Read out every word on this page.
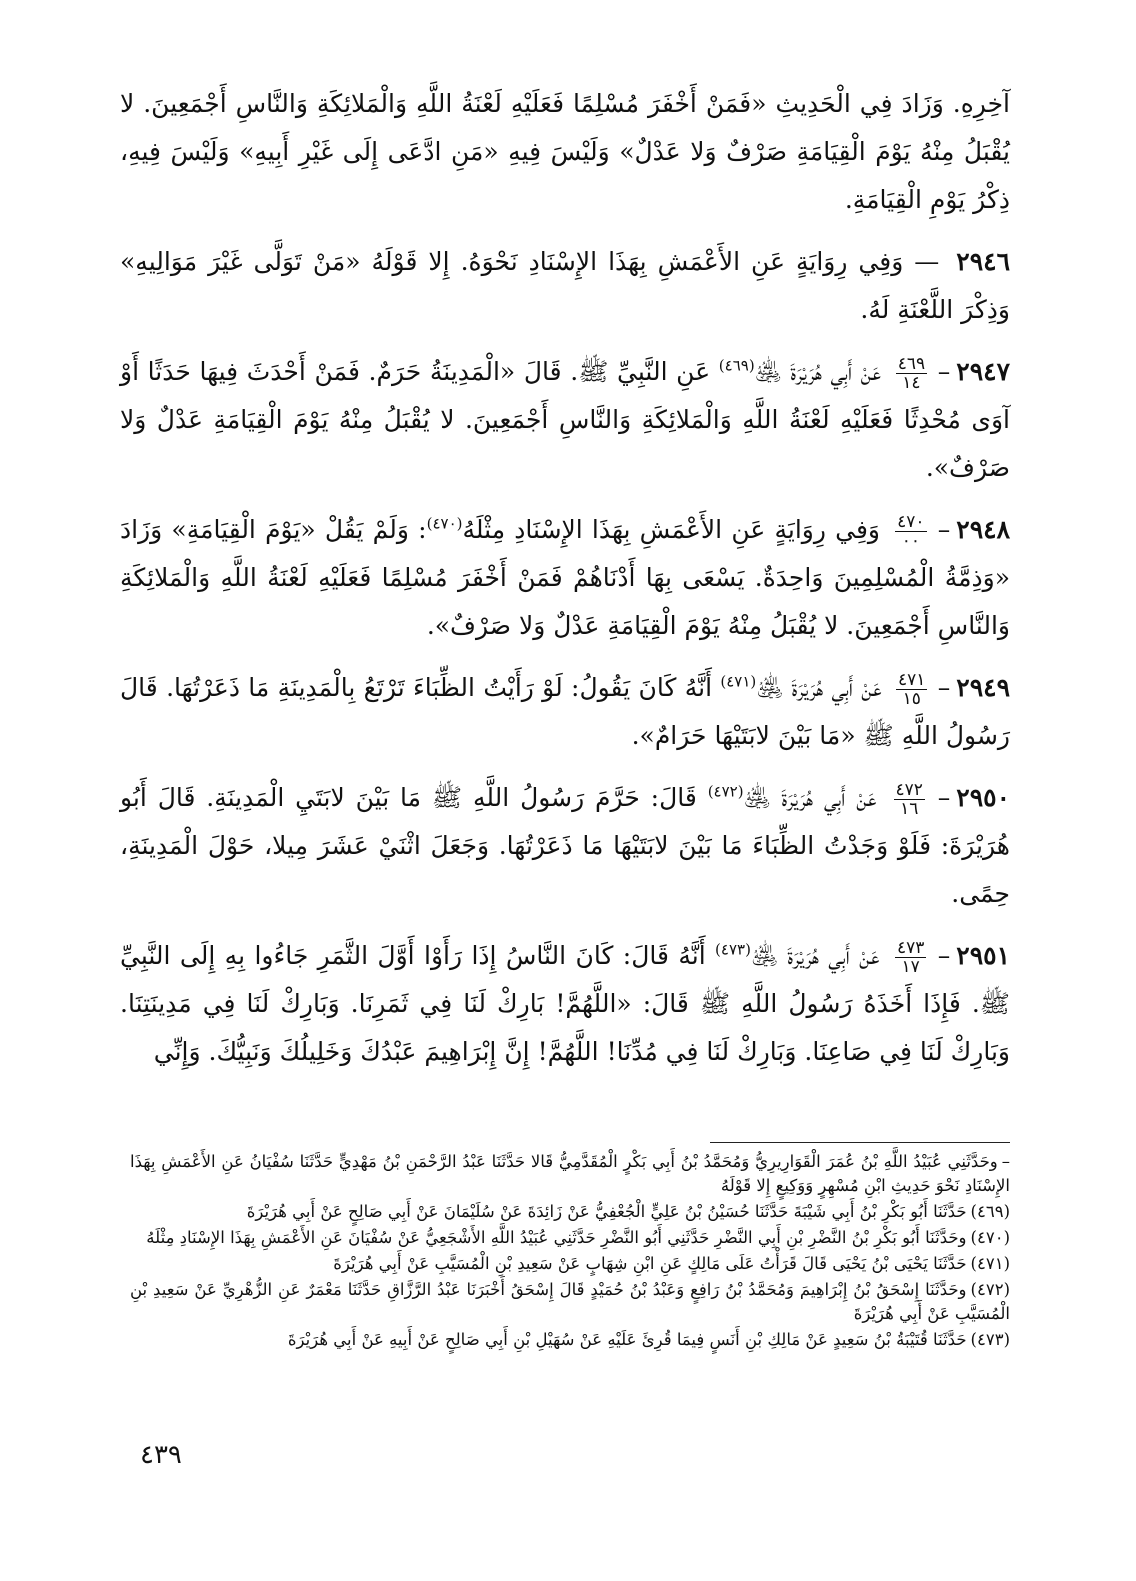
آخِرِهِ. وَزَادَ فِي الْحَدِيثِ «فَمَنْ أَخْفَرَ مُسْلِمًا فَعَلَيْهِ لَعْنَةُ اللَّهِ وَالْمَلائِكَةِ وَالنَّاسِ أَجْمَعِينَ. لا يُقْبَلُ مِنْهُ يَوْمَ الْقِيَامَةِ صَرْفٌ وَلا عَدْلٌ» وَلَيْسَ فِيهِ «مَنِ ادَّعَى إِلَى غَيْرِ أَبِيهِ» وَلَيْسَ فِيهِ، ذِكْرُ يَوْمِ الْقِيَامَةِ.

٢٩٤٦ — وَفِي رِوَايَةٍ عَنِ الأَعْمَشِ بِهَذَا الإِسْنَادِ نَحْوَهُ. إِلا قَوْلَهُ «مَنْ تَوَلَّى غَيْرَ مَوَالِيهِ» وَذِكْرَ اللَّعْنَةِ لَهُ.

٢٩٤٧–
$\frac{٤٦٩}{١٤}$
عَنْ أَبِي هُرَيْرَةَ ﵁$^{(٤٦٩)}$ عَنِ النَّبِيِّ ﷺ. قَالَ «الْمَدِينَةُ حَرَمٌ. فَمَنْ أَحْدَثَ فِيهَا حَدَثًا أَوْ آوَى مُحْدِثًا فَعَلَيْهِ لَعْنَةُ اللَّهِ وَالْمَلائِكَةِ وَالنَّاسِ أَجْمَعِينَ. لا يُقْبَلُ مِنْهُ يَوْمَ الْقِيَامَةِ عَدْلٌ وَلا صَرْفٌ».

٢٩٤٨–
$\frac{٤٧٠}{٠٠}$
وَفِي رِوَايَةٍ عَنِ الأَعْمَشِ بِهَذَا الإِسْنَادِ مِثْلَهُ$^{(٤٧٠)}$: وَلَمْ يَقُلْ «يَوْمَ الْقِيَامَةِ» وَزَادَ «وَذِمَّةُ الْمُسْلِمِينَ وَاحِدَةٌ. يَسْعَى بِهَا أَدْنَاهُمْ فَمَنْ أَخْفَرَ مُسْلِمًا فَعَلَيْهِ لَعْنَةُ اللَّهِ وَالْمَلائِكَةِ وَالنَّاسِ أَجْمَعِينَ. لا يُقْبَلُ مِنْهُ يَوْمَ الْقِيَامَةِ عَدْلٌ وَلا صَرْفٌ».

٢٩٤٩–
$\frac{٤٧١}{١٥}$
عَنْ أَبِي هُرَيْرَةَ ﵁$^{(٤٧١)}$ أَنَّهُ كَانَ يَقُولُ: لَوْ رَأَيْتُ الظِّبَاءَ تَرْتَعُ بِالْمَدِينَةِ مَا ذَعَرْتُهَا. قَالَ رَسُولُ اللَّهِ ﷺ «مَا بَيْنَ لابَتَيْهَا حَرَامٌ».

٢٩٥٠–
$\frac{٤٧٢}{١٦}$
عَنْ أَبِي هُرَيْرَةَ ﵁$^{(٤٧٢)}$ قَالَ: حَرَّمَ رَسُولُ اللَّهِ ﷺ مَا بَيْنَ لابَتَيِ الْمَدِينَةِ. قَالَ أَبُو هُرَيْرَةَ: فَلَوْ وَجَدْتُ الظِّبَاءَ مَا بَيْنَ لابَتَيْهَا مَا ذَعَرْتُهَا. وَجَعَلَ اثْنَيْ عَشَرَ مِيلا، حَوْلَ الْمَدِينَةِ، حِمًى.

٢٩٥١–
$\frac{٤٧٣}{١٧}$
عَنْ أَبِي هُرَيْرَةَ ﵁$^{(٤٧٣)}$ أَنَّهُ قَالَ: كَانَ النَّاسُ إِذَا رَأَوْا أَوَّلَ الثَّمَرِ جَاءُوا بِهِ إِلَى النَّبِيِّ ﷺ. فَإِذَا أَخَذَهُ رَسُولُ اللَّهِ ﷺ قَالَ: «اللَّهُمَّ! بَارِكْ لَنَا فِي ثَمَرِنَا. وَبَارِكْ لَنَا فِي مَدِينَتِنَا. وَبَارِكْ لَنَا فِي صَاعِنَا. وَبَارِكْ لَنَا فِي مُدِّنَا! اللَّهُمَّ! إِنَّ إِبْرَاهِيمَ عَبْدُكَ وَخَلِيلُكَ وَنَبِيُّكَ. وَإِنِّي

–وحَدَّثَنِي عُبَيْدُ اللَّهِ بْنُ عُمَرَ الْقَوَارِيرِيُّ وَمُحَمَّدُ بْنُ أَبِي بَكْرٍ الْمُقَدَّمِيُّ قَالا حَدَّثَنَا عَبْدُ الرَّحْمَنِ بْنُ مَهْدِيٍّ حَدَّثَنَا سُفْيَانُ عَنِ الأَعْمَشِ بِهَذَا الإِسْنَادِ نَحْوَ حَدِيثِ ابْنِ مُسْهِرٍ وَوَكِيعٍ إِلا قَوْلَهُ

(٤٦٩)حَدَّثَنَا أَبُو بَكْرِ بْنُ أَبِي شَيْبَةَ حَدَّثَنَا حُسَيْنُ بْنُ عَلِيٍّ الْجُعْفِيُّ عَنْ زَائِدَةَ عَنْ سُلَيْمَانَ عَنْ أَبِي صَالِحٍ عَنْ أَبِي هُرَيْرَةَ

(٤٧٠)وحَدَّثَنَا أَبُو بَكْرِ بْنُ النَّضْرِ بْنِ أَبِي النَّضْرِ حَدَّثَنِي أَبُو النَّضْرِ حَدَّثَنِي عُبَيْدُ اللَّهِ الأَشْجَعِيُّ عَنْ سُفْيَانَ عَنِ الأَعْمَشِ بِهَذَا الإِسْنَادِ مِثْلَهُ

(٤٧١)حَدَّثَنَا يَحْيَى بْنُ يَحْيَى قَالَ قَرَأْتُ عَلَى مَالِكٍ عَنِ ابْنِ شِهَابٍ عَنْ سَعِيدِ بْنِ الْمُسَيَّبِ عَنْ أَبِي هُرَيْرَةَ

(٤٧٢)وحَدَّثَنَا إِسْحَقُ بْنُ إِبْرَاهِيمَ وَمُحَمَّدُ بْنُ رَافِعٍ وَعَبْدُ بْنُ حُمَيْدٍ قَالَ إِسْحَقُ أَخْبَرَنَا عَبْدُ الرَّزَّاقِ حَدَّثَنَا مَعْمَرٌ عَنِ الزُّهْرِيِّ عَنْ سَعِيدِ بْنِ الْمُسَيَّبِ عَنْ أَبِي هُرَيْرَةَ

(٤٧٣)حَدَّثَنَا قُتَيْبَةُ بْنُ سَعِيدٍ عَنْ مَالِكِ بْنِ أَنَسٍ فِيمَا قُرِئَ عَلَيْهِ عَنْ سُهَيْلِ بْنِ أَبِي صَالِحٍ عَنْ أَبِيهِ عَنْ أَبِي هُرَيْرَةَ

٤٣٩
